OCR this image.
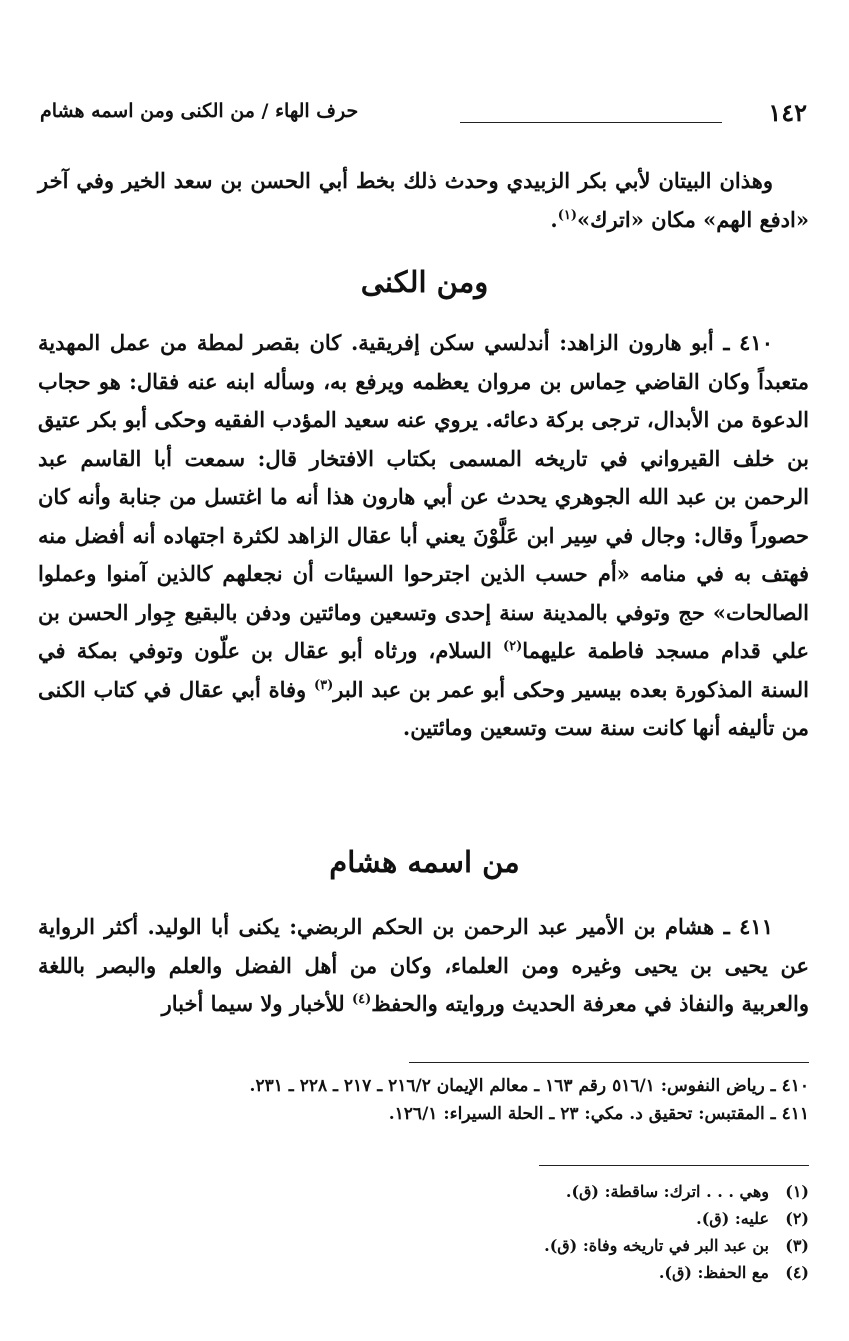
١٤٢
حرف الهاء / من الكنى ومن اسمه هشام
وهذان البيتان لأبي بكر الزبيدي وحدث ذلك بخط أبي الحسن بن سعد الخير وفي آخر «ادفع الهم» مكان «اترك»$^{(١)}$.
ومن الكنى
٤١٠ ـ أبو هارون الزاهد: أندلسي سكن إفريقية. كان بقصر لمطة من عمل المهدية متعبداً وكان القاضي حِماس بن مروان يعظمه ويرفع به، وسأله ابنه عنه فقال: هو حجاب الدعوة من الأبدال، ترجى بركة دعائه. يروي عنه سعيد المؤدب الفقيه وحكى أبو بكر عتيق بن خلف القيرواني في تاريخه المسمى بكتاب الافتخار قال: سمعت أبا القاسم عبد الرحمن بن عبد الله الجوهري يحدث عن أبي هارون هذا أنه ما اغتسل من جنابة وأنه كان حصوراً وقال: وجال في سِير ابن عَلَّوْنَ يعني أبا عقال الزاهد لكثرة اجتهاده أنه أفضل منه فهتف به في منامه «أم حسب الذين اجترحوا السيئات أن نجعلهم كالذين آمنوا وعملوا الصالحات» حج وتوفي بالمدينة سنة إحدى وتسعين ومائتين ودفن بالبقيع جِوار الحسن بن علي قدام مسجد فاطمة عليهما$^{(٢)}$ السلام، ورثاه أبو عقال بن علّون وتوفي بمكة في السنة المذكورة بعده بيسير وحكى أبو عمر بن عبد البر$^{(٣)}$ وفاة أبي عقال في كتاب الكنى من تأليفه أنها كانت سنة ست وتسعين ومائتين.
من اسمه هشام
٤١١ ـ هشام بن الأمير عبد الرحمن بن الحكم الربضي: يكنى أبا الوليد. أكثر الرواية عن يحيى بن يحيى وغيره ومن العلماء، وكان من أهل الفضل والعلم والبصر باللغة والعربية والنفاذ في معرفة الحديث وروايته والحفظ$^{(٤)}$ للأخبار ولا سيما أخبار
٤١٠ ـ رياض النفوس: ٥١٦/١ رقم ١٦٣ ـ معالم الإيمان ٢١٦/٢ ـ ٢١٧ ـ ٢٢٨ ـ ٢٣١.
٤١١ ـ المقتبس: تحقيق د. مكي: ٢٣ ـ الحلة السيراء: ١٢٦/١.
(١)
وهي . . . اترك: ساقطة: (ق).
(٢)
عليه: (ق).
(٣)
بن عبد البر في تاريخه وفاة: (ق).
(٤)
مع الحفظ: (ق).
